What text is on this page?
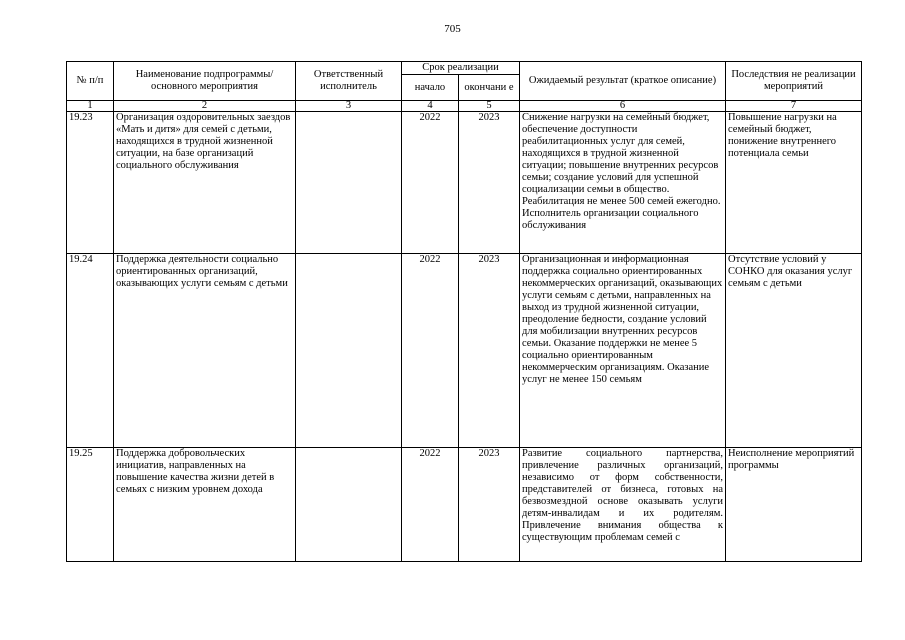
705
№ п/п	Наименование подпрограммы/ основного мероприятия	Ответственный исполнитель	Срок реализации		Ожидаемый результат (краткое описание)	Последствия не реализации мероприятий
			начало	окончани е		
1	2	3	4	5	6	7
19.23	Организация оздоровительных заездов «Мать и дитя» для семей с детьми, находящихся в трудной жизненной ситуации, на базе организаций социального обслуживания		2022	2023	Снижение нагрузки на семейный бюджет, обеспечение доступности реабилитационных услуг для семей, находящихся в трудной жизненной ситуации; повышение внутренних ресурсов семьи; создание условий для успешной социализации семьи в общество. Реабилитация не менее 500 семей ежегодно. Исполнитель организации социального обслуживания	Повышение нагрузки на семейный бюджет, понижение внутреннего потенциала семьи
19.24	Поддержка деятельности социально ориентированных организаций, оказывающих услуги семьям с детьми		2022	2023	Организационная и информационная поддержка социально ориентированных некоммерческих организаций, оказывающих услуги семьям с детьми, направленных на выход из трудной жизненной ситуации, преодоление бедности, создание условий для мобилизации внутренних ресурсов семьи. Оказание поддержки не менее 5 социально ориентированным некоммерческим организациям. Оказание услуг не менее 150 семьям	Отсутствие условий у СОНКО для оказания услуг семьям с детьми
19.25	Поддержка добровольческих инициатив, направленных на повышение качества жизни детей в семьях с низким уровнем дохода		2022	2023	Развитие социального партнерства, привлечение различных организаций, независимо от форм собственности, представителей от бизнеса, готовых на безвозмездной основе оказывать услуги детям-инвалидам и их родителям. Привлечение внимания общества к существующим проблемам семей с	Неисполнение мероприятий программы
